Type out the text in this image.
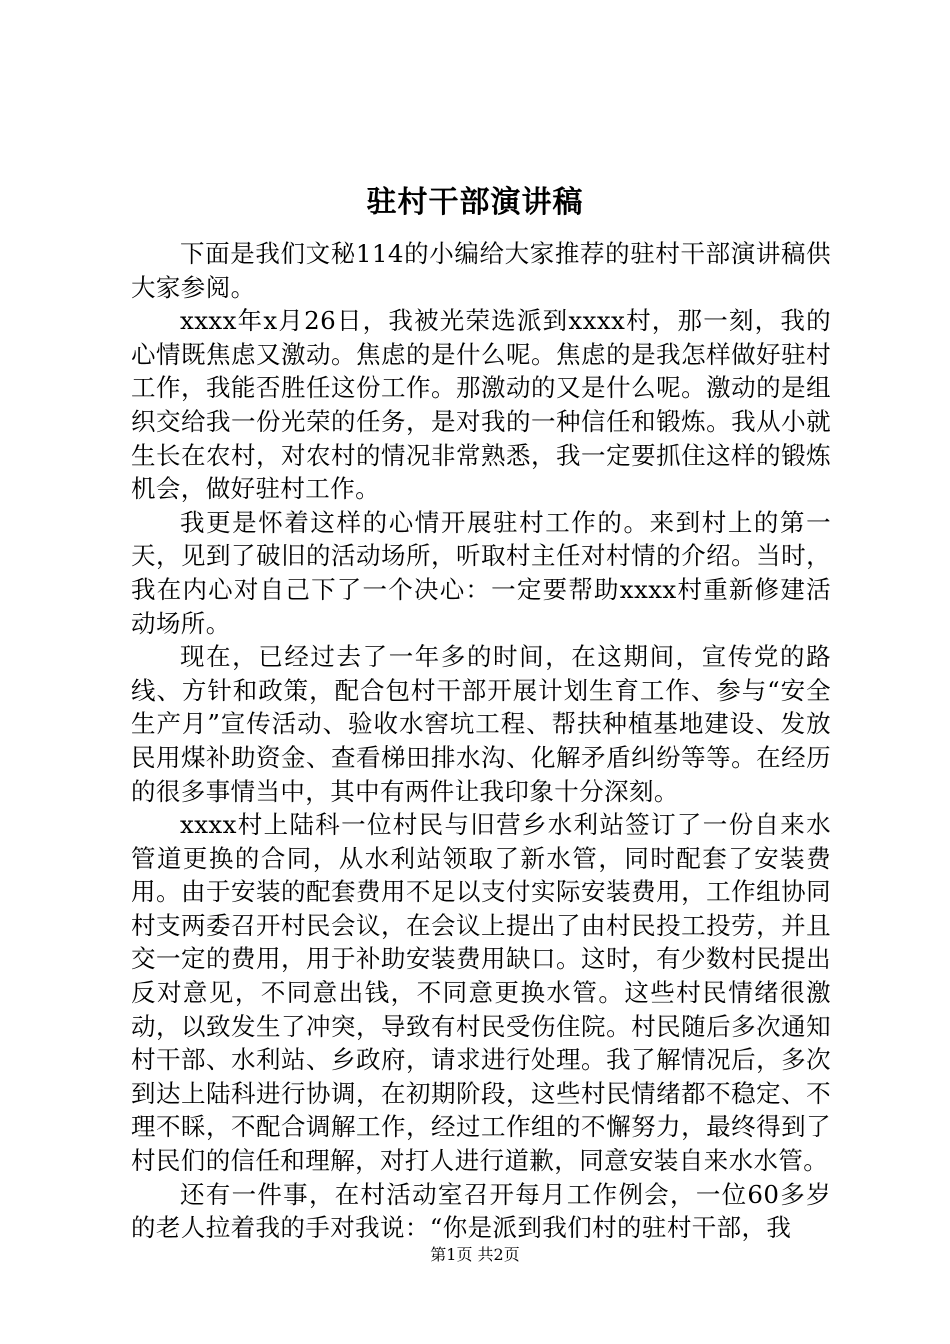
驻村干部演讲稿

下面是我们文秘114的小编给大家推荐的驻村干部演讲稿供大家参阅。

xxxx年x月26日，我被光荣选派到xxxx村，那一刻，我的心情既焦虑又激动。焦虑的是什么呢。焦虑的是我怎样做好驻村工作，我能否胜任这份工作。那激动的又是什么呢。激动的是组织交给我一份光荣的任务，是对我的一种信任和锻炼。我从小就生长在农村，对农村的情况非常熟悉，我一定要抓住这样的锻炼机会，做好驻村工作。

我更是怀着这样的心情开展驻村工作的。来到村上的第一天，见到了破旧的活动场所，听取村主任对村情的介绍。当时，我在内心对自己下了一个决心：一定要帮助xxxx村重新修建活动场所。

现在，已经过去了一年多的时间，在这期间，宣传党的路线、方针和政策，配合包村干部开展计划生育工作、参与“安全生产月”宣传活动、验收水窖坑工程、帮扶种植基地建设、发放民用煤补助资金、查看梯田排水沟、化解矛盾纠纷等等。在经历的很多事情当中，其中有两件让我印象十分深刻。

xxxx村上陆科一位村民与旧营乡水利站签订了一份自来水管道更换的合同，从水利站领取了新水管，同时配套了安装费用。由于安装的配套费用不足以支付实际安装费用，工作组协同村支两委召开村民会议，在会议上提出了由村民投工投劳，并且交一定的费用，用于补助安装费用缺口。这时，有少数村民提出反对意见，不同意出钱，不同意更换水管。这些村民情绪很激动，以致发生了冲突，导致有村民受伤住院。村民随后多次通知村干部、水利站、乡政府，请求进行处理。我了解情况后，多次到达上陆科进行协调，在初期阶段，这些村民情绪都不稳定、不理不睬，不配合调解工作，经过工作组的不懈努力，最终得到了村民们的信任和理解，对打人进行道歉，同意安装自来水水管。

还有一件事，在村活动室召开每月工作例会，一位60多岁的老人拉着我的手对我说：“你是派到我们村的驻村干部，我

第1页 共2页
